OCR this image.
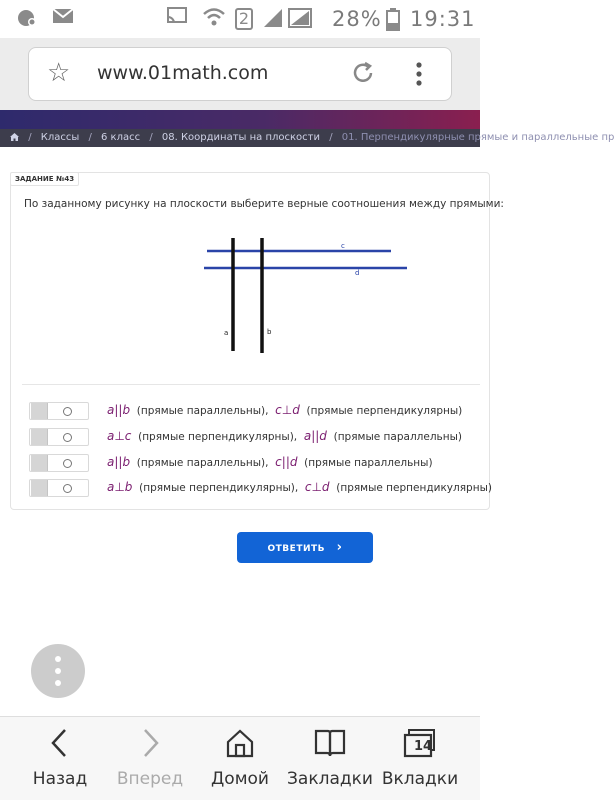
2	28% 19:31
☆ www.01math.com
/ Классы / 6 класс / 08. Координаты на плоскости / 01. Перпендикулярные прямые и параллельные пр
ЗАДАНИЕ №43
По заданному рисунку на плоскости выберите верные соотношения между прямыми:
c
d
a	b
a||b (прямые параллельны), c⊥d (прямые перпендикулярны)
a⊥c (прямые перпендикулярны), a||d (прямые параллельны)
a||b (прямые параллельны), c||d (прямые параллельны)
a⊥b (прямые перпендикулярны), c⊥d (прямые перпендикулярны)
ОТВЕТИТЬ ›
Назад	Вперед	Домой	Закладки
14
Вкладки
